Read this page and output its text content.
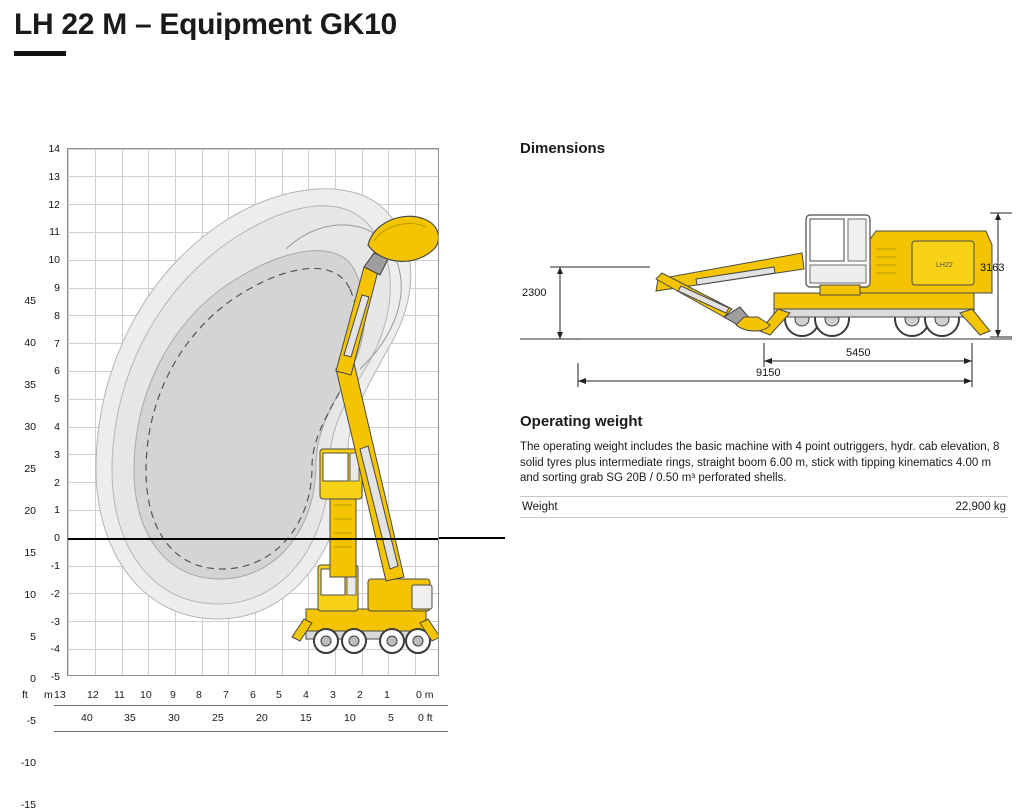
LH 22 M – Equipment GK10
45
40
35
30
25
20
15
10
5
0
-5
-10
-15
14
13
12
11
10
9
8
7
6
5
4
3
2
1
0
-1
-2
-3
-4
-5
ft m 13 12 11 10 9 8 7 6 5 4 3 2 1 0 m
40	35	30	25	20	15	10	5 0 ft
Dimensions
LH22 3163
2300
5450
9150
Operating weight
The operating weight includes the basic machine with 4 point outriggers, hydr. cab elevation, 8 solid tyres plus intermediate rings, straight boom 6.00 m, stick with tipping kinematics 4.00 m and sorting grab SG 20B / 0.50 m³ perforated shells.
Weight	22,900 kg
